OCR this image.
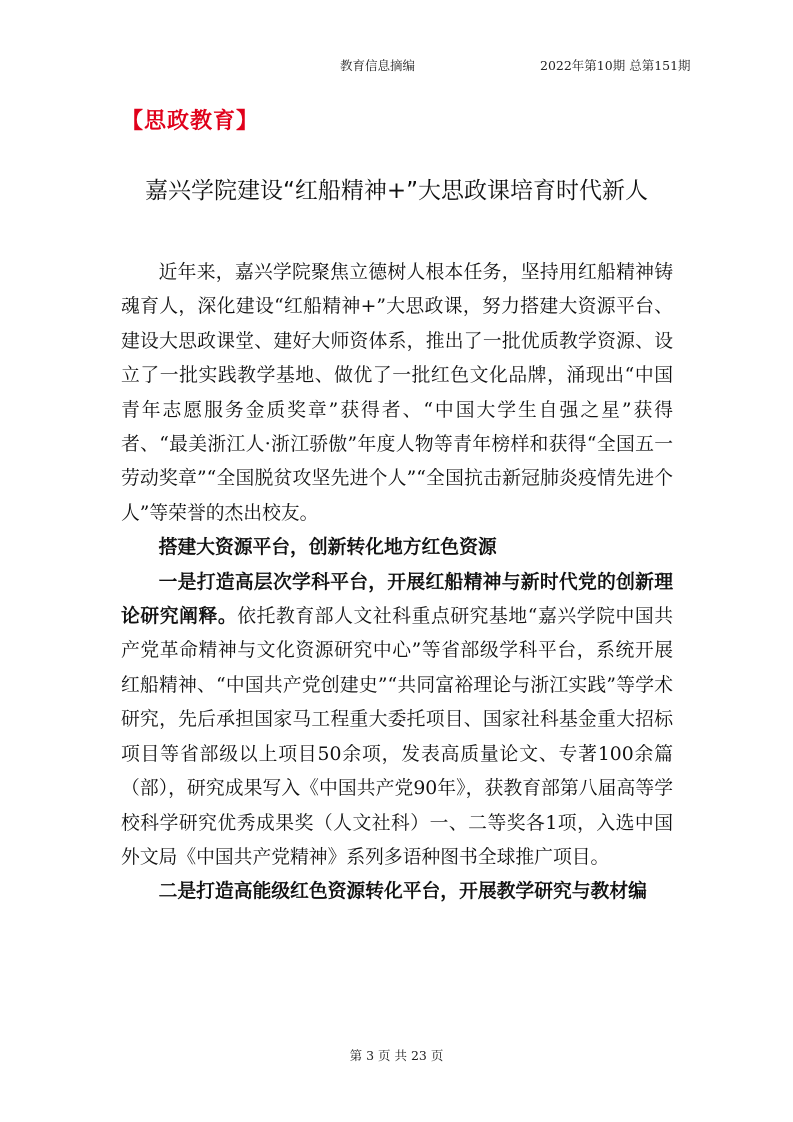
教育信息摘编	2022年第10期 总第151期
【思政教育】
嘉兴学院建设“红船精神+”大思政课培育时代新人

近年来，嘉兴学院聚焦立德树人根本任务，坚持用红船精神铸魂育人，深化建设“红船精神+”大思政课，努力搭建大资源平台、建设大思政课堂、建好大师资体系，推出了一批优质教学资源、设立了一批实践教学基地、做优了一批红色文化品牌，涌现出“中国青年志愿服务金质奖章”获得者、“中国大学生自强之星”获得者、“最美浙江人·浙江骄傲”年度人物等青年榜样和获得“全国五一劳动奖章”“全国脱贫攻坚先进个人”“全国抗击新冠肺炎疫情先进个人”等荣誉的杰出校友。

搭建大资源平台，创新转化地方红色资源

一是打造高层次学科平台，开展红船精神与新时代党的创新理论研究阐释。依托教育部人文社科重点研究基地“嘉兴学院中国共产党革命精神与文化资源研究中心”等省部级学科平台，系统开展红船精神、“中国共产党创建史”“共同富裕理论与浙江实践”等学术研究，先后承担国家马工程重大委托项目、国家社科基金重大招标项目等省部级以上项目50余项，发表高质量论文、专著100余篇（部），研究成果写入《中国共产党90年》，获教育部第八届高等学校科学研究优秀成果奖（人文社科）一、二等奖各1项，入选中国外文局《中国共产党精神》系列多语种图书全球推广项目。

二是打造高能级红色资源转化平台，开展教学研究与教材编

第 3 页 共 23 页
